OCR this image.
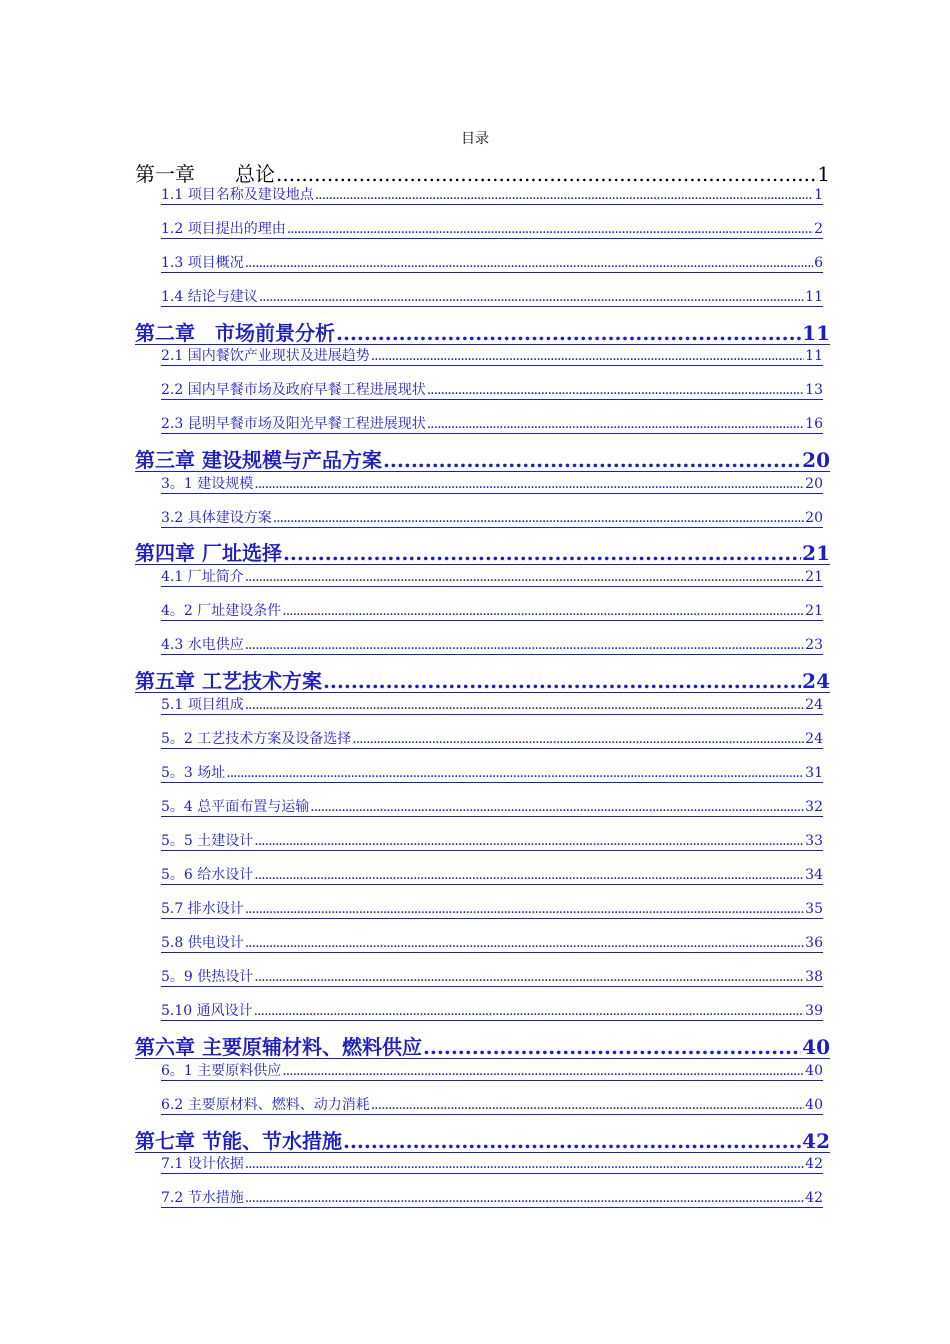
目录
第一章　　总论 .....	1
1.1 项目名称及建设地点 .....	1
1.2 项目提出的理由 .....	2
1.3 项目概况 .....	6
1.4 结论与建议 .....	11
第二章　市场前景分析 .....	11
2.1 国内餐饮产业现状及进展趋势 .....	11
2.2 国内早餐市场及政府早餐工程进展现状 .....	13
2.3 昆明早餐市场及阳光早餐工程进展现状 .....	16
第三章 建设规模与产品方案 .....	20
3。1 建设规模 .....	20
3.2 具体建设方案 .....	20
第四章 厂址选择 .....	21
4.1 厂址简介 .....	21
4。2 厂址建设条件 .....	21
4.3 水电供应 .....	23
第五章 工艺技术方案 .....	24
5.1 项目组成 .....	24
5。2 工艺技术方案及设备选择 .....	24
5。3 场址 .....	31
5。4 总平面布置与运输 .....	32
5。5 土建设计 .....	33
5。6 给水设计 .....	34
5.7 排水设计 .....	35
5.8 供电设计 .....	36
5。9 供热设计 .....	38
5.10 通风设计 .....	39
第六章 主要原辅材料、燃料供应 .....	40
6。1 主要原料供应 .....	40
6.2 主要原材料、燃料、动力消耗 .....	40
第七章 节能、节水措施 .....	42
7.1 设计依据 .....	42
7.2 节水措施 .....	42
